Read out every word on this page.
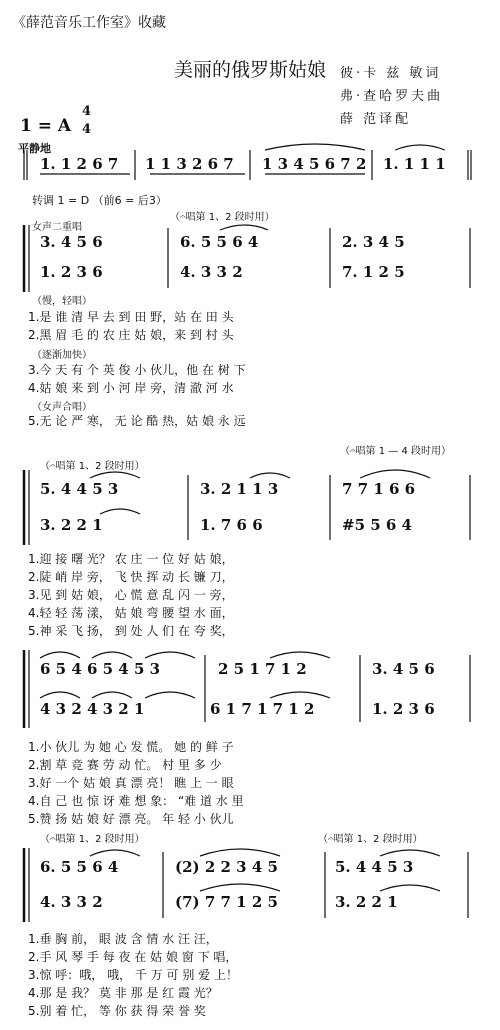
《薛范音乐工作室》收藏
美丽的俄罗斯姑娘	彼·卡 兹 敏词
弗·查哈罗夫曲
薛 范译配
1 = A
4
4
平静地
1. 1 2 6 7 1 1 3 2 6 7 1 3 4 5 6 7 2 1. 1 1 1
转调 1 = D （前6 = 后3）
女声二重唱
（𝄐唱第 1、2 段时用）
3. 4 5 6	6. 5 5 6 4	2. 3 4 5
1. 2 3 6	4. 3 3 2	7. 1 2 5
（慢，轻唱）
1.是 谁 清 早 去 到 田 野，站 在 田 头
2.黑 眉 毛 的 农 庄 姑 娘，来 到 村 头
（逐渐加快）
3.今 天 有 个 英 俊 小 伙儿，他 在 树 下
4.姑 娘 来 到 小 河 岸 旁，清 澈 河 水
（女声合唱）
5.无 论 严 寒， 无 论 酷 热，姑 娘 永 远
（𝄐唱第 1 — 4 段时用）
（𝄐唱第 1、2 段时用）
5. 4 4 5 3	3. 2 1 1 3	7 7 1 6 6
3. 2 2 1	1. 7 6 6	#5 5 6 4
1.迎 接 曙 光？ 农 庄 一 位 好 姑 娘，
2.陡 峭 岸 旁， 飞 快 挥 动 长 镰 刀，
3.见 到 姑 娘， 心 慌 意 乱 闪 一 旁，
4.轻 轻 荡 漾， 姑 娘 弯 腰 望 水 面，
5.神 采 飞 扬， 到 处 人 们 在 夸 奖，
6 5 4 6 5 4 5 3	2 5 1 7 1 2	3. 4 5 6
4 3 2 4 3 2 1	6 1 7 1 7 1 2	1. 2 3 6
1.小 伙儿 为 她 心 发 慌。 她 的 鲜 子
2.割 草 竞 赛 劳 动 忙。 村 里 多 少
3.好 一个 姑 娘 真 漂 亮！ 瞧 上 一 眼
4.自 己 也 惊 讶 难 想 象： “难 道 水 里
5.赞 扬 姑 娘 好 漂 亮。 年 轻 小 伙儿
（𝄐唱第 1、2 段时用）	（𝄐唱第 1、2 段时用）
6. 5 5 6 4	(2) 2 2 3 4 5	5. 4 4 5 3
4. 3 3 2	(7) 7 7 1 2 5	3. 2 2 1
1.垂 胸 前， 眼 波 含 情 水 汪 汪，
2.手 风 琴 手 每 夜 在 姑 娘 窗 下 唱，
3.惊 呼：哦， 哦， 千 万 可 别 爱 上！
4.那 是 我？ 莫 非 那 是 红 霞 光？
5.别 着 忙， 等 你 获 得 荣 誉 奖
